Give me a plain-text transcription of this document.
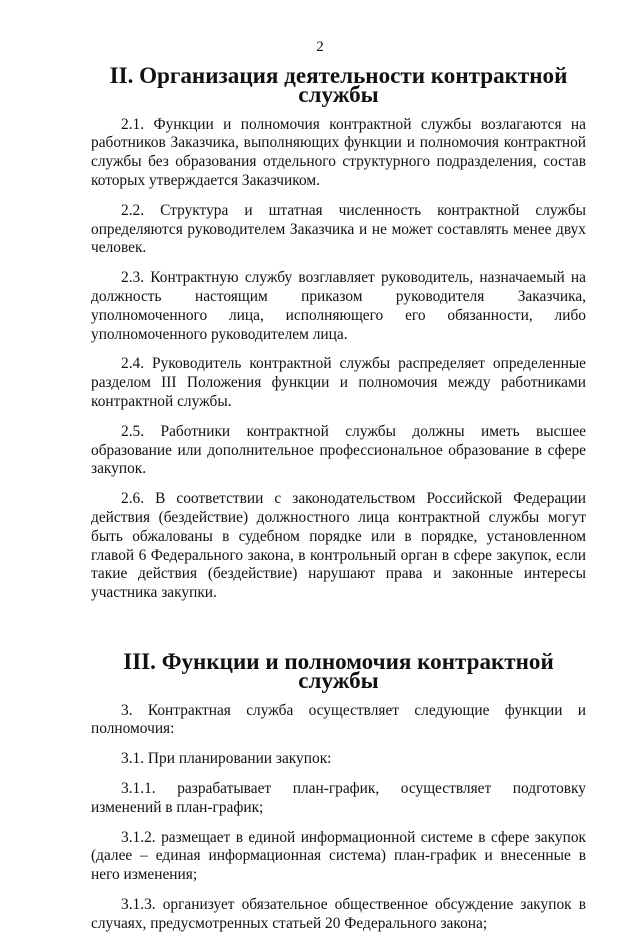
2
II. Организация деятельности контрактной службы

2.1. Функции и полномочия контрактной службы возлагаются на работников Заказчика, выполняющих функции и полномочия контрактной службы без образования отдельного структурного подразделения, состав которых утверждается Заказчиком.

2.2. Структура и штатная численность контрактной службы определяются руководителем Заказчика и не может составлять менее двух человек.

2.3. Контрактную службу возглавляет руководитель, назначаемый на должность настоящим приказом руководителя Заказчика, уполномоченного лица, исполняющего его обязанности, либо уполномоченного руководителем лица.

2.4. Руководитель контрактной службы распределяет определенные разделом III Положения функции и полномочия между работниками контрактной службы.

2.5. Работники контрактной службы должны иметь высшее образование или дополнительное профессиональное образование в сфере закупок.

2.6. В соответствии с законодательством Российской Федерации действия (бездействие) должностного лица контрактной службы могут быть обжалованы в судебном порядке или в порядке, установленном главой 6 Федерального закона, в контрольный орган в сфере закупок, если такие действия (бездействие) нарушают права и законные интересы участника закупки.

III. Функции и полномочия контрактной службы

3. Контрактная служба осуществляет следующие функции и полномочия:

3.1. При планировании закупок:

3.1.1. разрабатывает план-график, осуществляет подготовку изменений в план-график;

3.1.2. размещает в единой информационной системе в сфере закупок (далее – единая информационная система) план-график и внесенные в него изменения;

3.1.3. организует обязательное общественное обсуждение закупок в случаях, предусмотренных статьей 20 Федерального закона;
